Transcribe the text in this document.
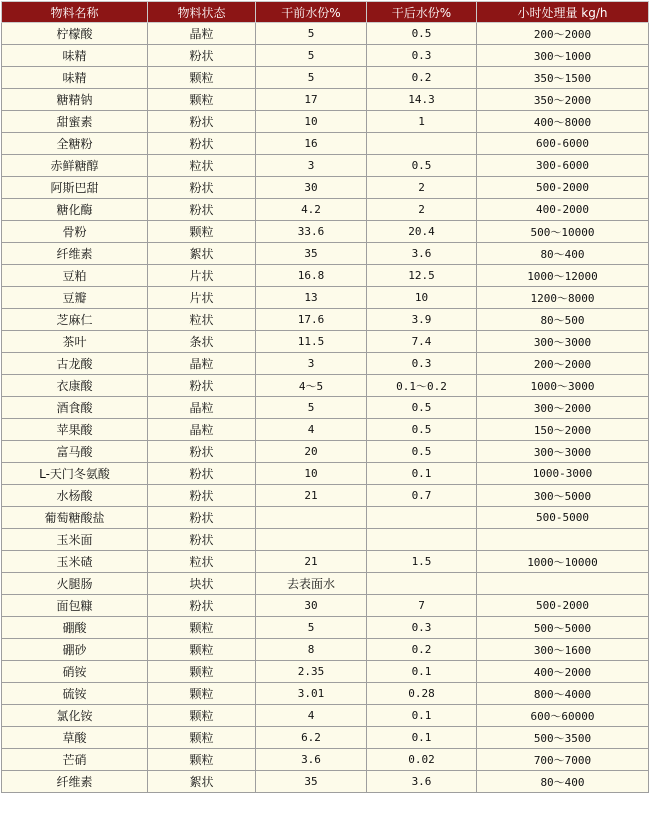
物料名称	物料状态	干前水份%	干后水份%	小时处理量 kg/h
柠檬酸	晶粒	5	0.5	200～2000
味精	粉状	5	0.3	300～1000
味精	颗粒	5	0.2	350～1500
糖精钠	颗粒	17	14.3	350～2000
甜蜜素	粉状	10	1	400～8000
全糖粉	粉状	16		600-6000
赤鲜糖醇	粒状	3	0.5	300-6000
阿斯巴甜	粉状	30	2	500-2000
糖化酶	粉状	4.2	2	400-2000
骨粉	颗粒	33.6	20.4	500～10000
纤维素	絮状	35	3.6	80～400
豆粕	片状	16.8	12.5	1000～12000
豆瓣	片状	13	10	1200～8000
芝麻仁	粒状	17.6	3.9	80～500
茶叶	条状	11.5	7.4	300～3000
古龙酸	晶粒	3	0.3	200～2000
衣康酸	粉状	4～5	0.1～0.2	1000～3000
酒食酸	晶粒	5	0.5	300～2000
苹果酸	晶粒	4	0.5	150～2000
富马酸	粉状	20	0.5	300～3000
L-天门冬氨酸	粉状	10	0.1	1000-3000
水杨酸	粉状	21	0.7	300～5000
葡萄糖酸盐	粉状			500-5000
玉米面	粉状			
玉米碴	粒状	21	1.5	1000～10000
火腿肠	块状	去表面水		
面包糠	粉状	30	7	500-2000
硼酸	颗粒	5	0.3	500～5000
硼砂	颗粒	8	0.2	300～1600
硝铵	颗粒	2.35	0.1	400～2000
硫铵	颗粒	3.01	0.28	800～4000
氯化铵	颗粒	4	0.1	600～60000
草酸	颗粒	6.2	0.1	500～3500
芒硝	颗粒	3.6	0.02	700～7000
纤维素	絮状	35	3.6	80～400
